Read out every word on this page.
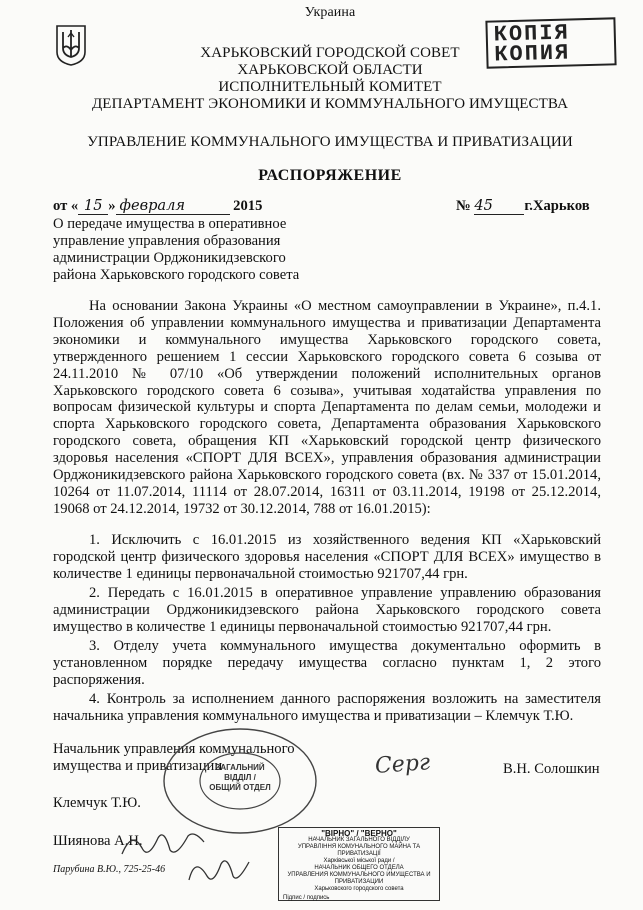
КОПІЯ
КОПИЯ
Украина
ХАРЬКОВСКИЙ ГОРОДСКОЙ СОВЕТ
ХАРЬКОВСКОЙ ОБЛАСТИ
ИСПОЛНИТЕЛЬНЫЙ КОМИТЕТ
ДЕПАРТАМЕНТ ЭКОНОМИКИ И КОММУНАЛЬНОГО ИМУЩЕСТВА
УПРАВЛЕНИЕ КОММУНАЛЬНОГО ИМУЩЕСТВА И ПРИВАТИЗАЦИИ
РАСПОРЯЖЕНИЕ
от « 15 » февраля	2015	№ 45 г.Харьков
О передаче имущества в оперативное
управление управления образования
администрации Орджоникидзевского
района Харьковского городского совета
На основании Закона Украины «О местном самоуправлении в Украине», п.4.1. Положения об управлении коммунального имущества и приватизации Департамента экономики и коммунального имущества Харьковского городского совета, утвержденного решением 1 сессии Харьковского городского совета 6 созыва от 24.11.2010 № 07/10 «Об утверждении положений исполнительных органов Харьковского городского совета 6 созыва», учитывая ходатайства управления по вопросам физической культуры и спорта Департамента по делам семьи, молодежи и спорта Харьковского городского совета, Департамента образования Харьковского городского совета, обращения КП «Харьковский городской центр физического здоровья населения «СПОРТ ДЛЯ ВСЕХ», управления образования администрации Орджоникидзевского района Харьковского городского совета (вх. № 337 от 15.01.2014, 10264 от 11.07.2014, 11114 от 28.07.2014, 16311 от 03.11.2014, 19198 от 25.12.2014, 19068 от 24.12.2014, 19732 от 30.12.2014, 788 от 16.01.2015):
1. Исключить с 16.01.2015 из хозяйственного ведения КП «Харьковский городской центр физического здоровья населения «СПОРТ ДЛЯ ВСЕХ» имущество в количестве 1 единицы первоначальной стоимостью 921707,44 грн.
2. Передать с 16.01.2015 в оперативное управление управлению образования администрации Орджоникидзевского района Харьковского городского совета имущество в количестве 1 единицы первоначальной стоимостью 921707,44 грн.
3. Отделу учета коммунального имущества документально оформить в установленном порядке передачу имущества согласно пунктам 1, 2 этого распоряжения.
4. Контроль за исполнением данного распоряжения возложить на заместителя начальника управления коммунального имущества и приватизации – Клемчук Т.Ю.
Начальник управления коммунального
имущества и приватизации	Серг	В.Н. Солошкин
ЗАГАЛЬНИЙ
ВІДДІЛ /
ОБЩИЙ ОТДЕЛ
Клемчук Т.Ю.
Шиянова А.Н.
Парубина В.Ю., 725-25-46
"ВІРНО" / "ВЕРНО"
НАЧАЛЬНИК ЗАГАЛЬНОГО ВІДДІЛУ
УПРАВЛІННЯ КОМУНАЛЬНОГО МАЙНА ТА ПРИВАТИЗАЦІЇ
Харківської міської ради /
НАЧАЛЬНИК ОБЩЕГО ОТДЕЛА
УПРАВЛЕНИЯ КОММУНАЛЬНОГО ИМУЩЕСТВА И ПРИВАТИЗАЦИИ
Харьковского городского совета
Підпис / подпись
